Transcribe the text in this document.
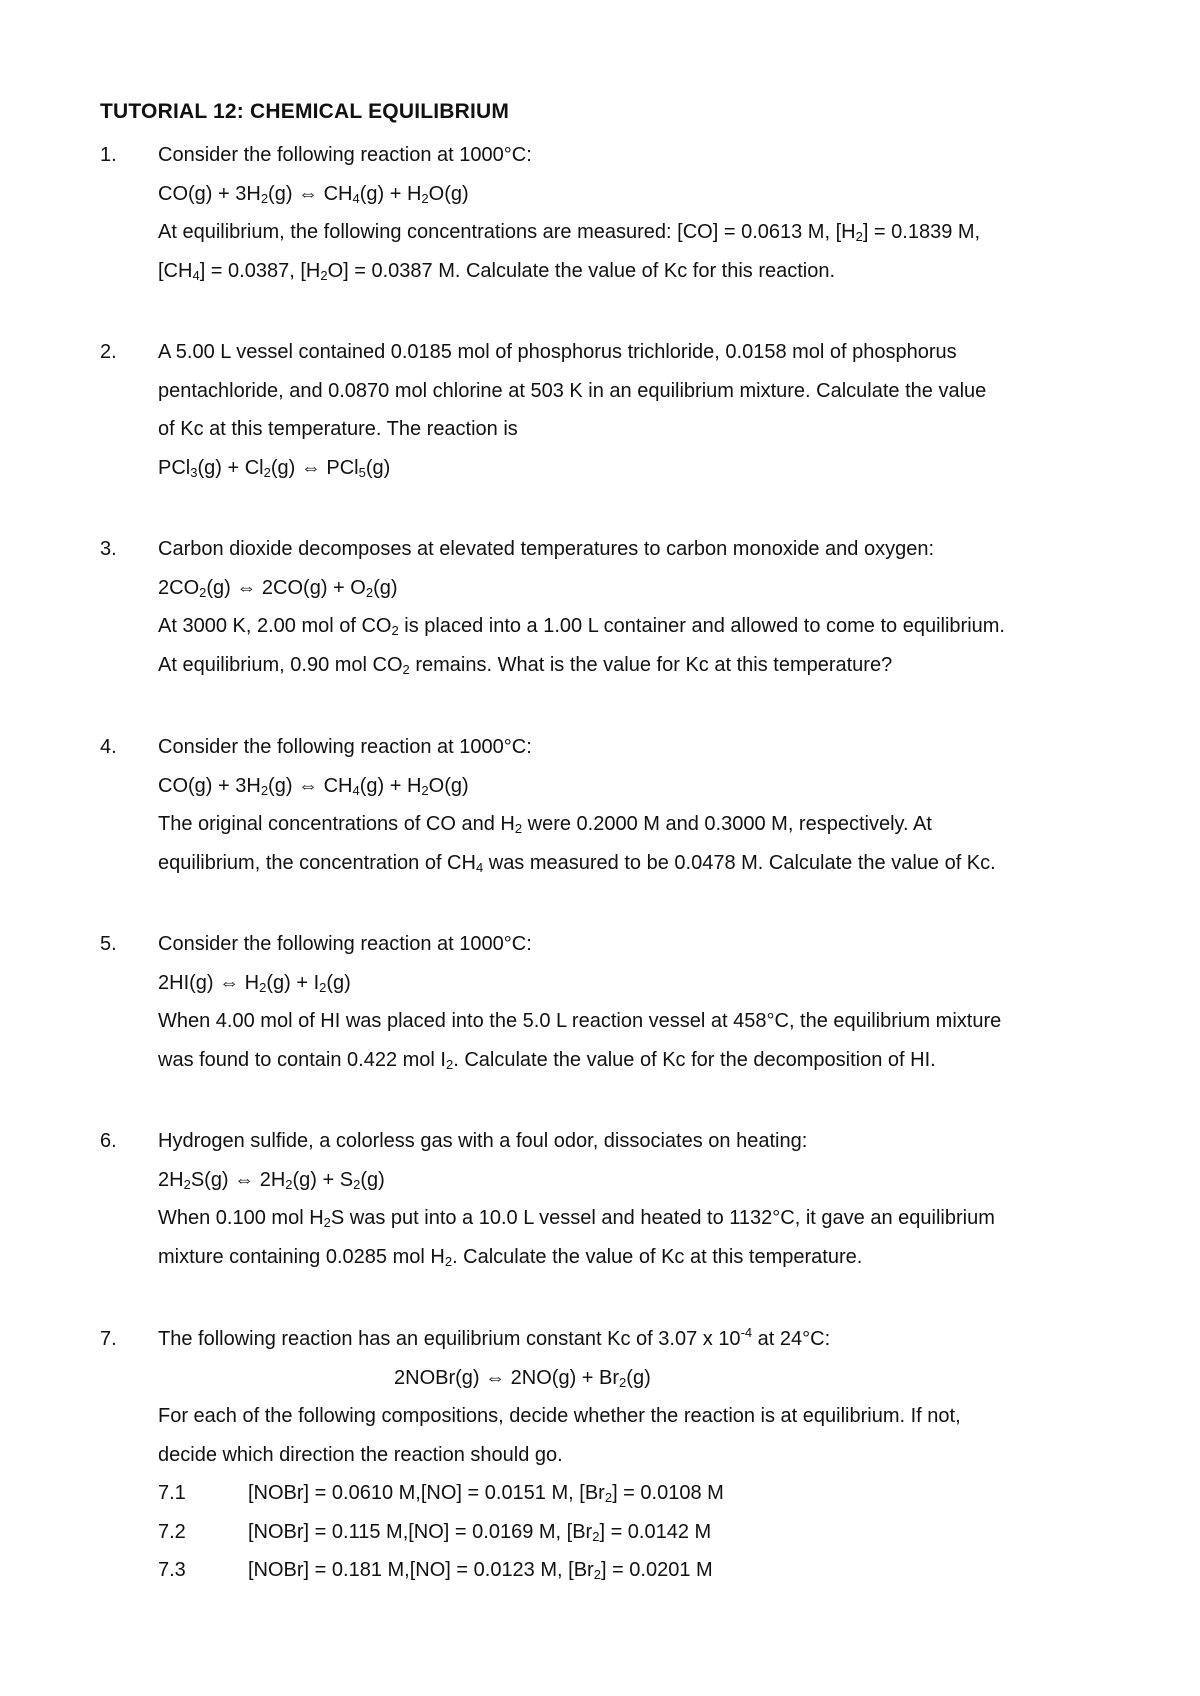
TUTORIAL 12: CHEMICAL EQUILIBRIUM
1. Consider the following reaction at 1000°C:
$CO(g) + 3H_2(g)$ ⇔ $CH_4(g) + H_2O(g)$
At equilibrium, the following concentrations are measured: [CO] = 0.0613 M, $[H_2] = 0.1839$ M,
$[CH_4] = 0.0387$, $[H_2O] = 0.0387$ M. Calculate the value of Kc for this reaction.
2. A 5.00 L vessel contained 0.0185 mol of phosphorus trichloride, 0.0158 mol of phosphorus
pentachloride, and 0.0870 mol chlorine at 503 K in an equilibrium mixture. Calculate the value
of Kc at this temperature. The reaction is
$PCl_3(g) + Cl_2(g)$ ⇔ PCl$_5$(g)
3. Carbon dioxide decomposes at elevated temperatures to carbon monoxide and oxygen:
$2CO_2(g)$ ⇔ $2CO(g) + O_2(g)$
At 3000 K, 2.00 mol of $CO_2$ is placed into a 1.00 L container and allowed to come to equilibrium.
At equilibrium, 0.90 mol $CO_2$ remains. What is the value for Kc at this temperature?
4. Consider the following reaction at 1000°C:
$CO(g) + 3H_2(g)$ ⇔ $CH_4(g) + H_2O(g)$
The original concentrations of CO and $H_2$ were 0.2000 M and 0.3000 M, respectively. At
equilibrium, the concentration of $CH_4$ was measured to be 0.0478 M. Calculate the value of Kc.
5. Consider the following reaction at 1000°C:
2HI(g) ⇔ $H_2(g) + I_2(g)$
When 4.00 mol of HI was placed into the 5.0 L reaction vessel at 458°C, the equilibrium mixture
was found to contain 0.422 mol $I_2$. Calculate the value of Kc for the decomposition of HI.
6. Hydrogen sulfide, a colorless gas with a foul odor, dissociates on heating:
$2H_2S(g)$ ⇔ $2H_2(g) + S_2(g)$
When 0.100 mol $H_2S$ was put into a 10.0 L vessel and heated to 1132°C, it gave an equilibrium
mixture containing 0.0285 mol $H_2$. Calculate the value of Kc at this temperature.
7. The following reaction has an equilibrium constant Kc of 3.07 x $10^{-4}$ at 24°C:
2NOBr(g) ⇔ $2NO(g) + Br_2(g)$
For each of the following compositions, decide whether the reaction is at equilibrium. If not,
decide which direction the reaction should go.
7.1	[NOBr] = 0.0610 M,[NO] = 0.0151 M, $[Br_2] = 0.0108$ M
7.2	[NOBr] = 0.115 M,[NO] = 0.0169 M, $[Br_2] = 0.0142$ M
7.3	[NOBr] = 0.181 M,[NO] = 0.0123 M, $[Br_2] = 0.0201$ M
